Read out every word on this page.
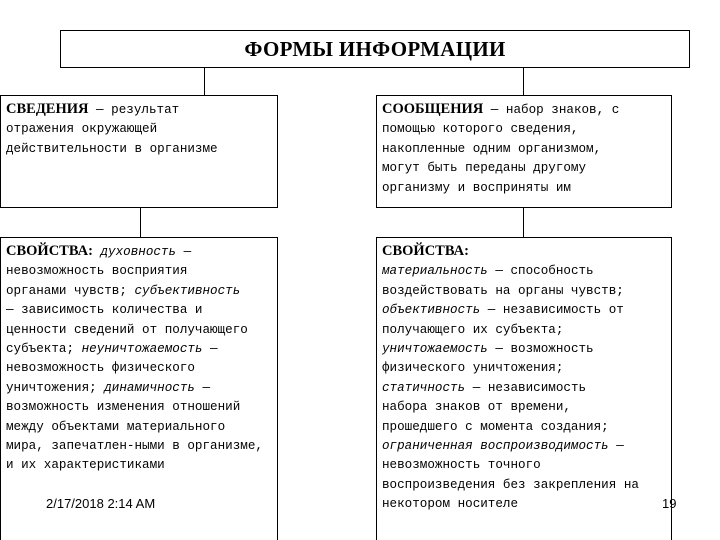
ФОРМЫ ИНФОРМАЦИИ
СВЕДЕНИЯ — результат
отражения окружающей
действительности в организме
СООБЩЕНИЯ — набор знаков, с
помощью которого сведения,
накопленные одним организмом,
могут быть переданы другому
организму и восприняты им
СВОЙСТВА: духовность —
невозможность восприятия
органами чувств; субъективность
— зависимость количества и
ценности сведений от получающего
субъекта; неуничтожаемость —
невозможность физического
уничтожения; динамичность —
возможность изменения отношений
между объектами материального
мира, запечатлен-ными в организме,
и их характеристиками
СВОЙСТВА:
материальность — способность
воздействовать на органы чувств;
объективность — независимость от
получающего их субъекта;
уничтожаемость — возможность
физического уничтожения;
статичность — независимость
набора знаков от времени,
прошедшего с момента создания;
ограниченная воспроизводимость —
невозможность точного
воспроизведения без закрепления на
некотором носителе
2/17/2018 2:14 AM	19
